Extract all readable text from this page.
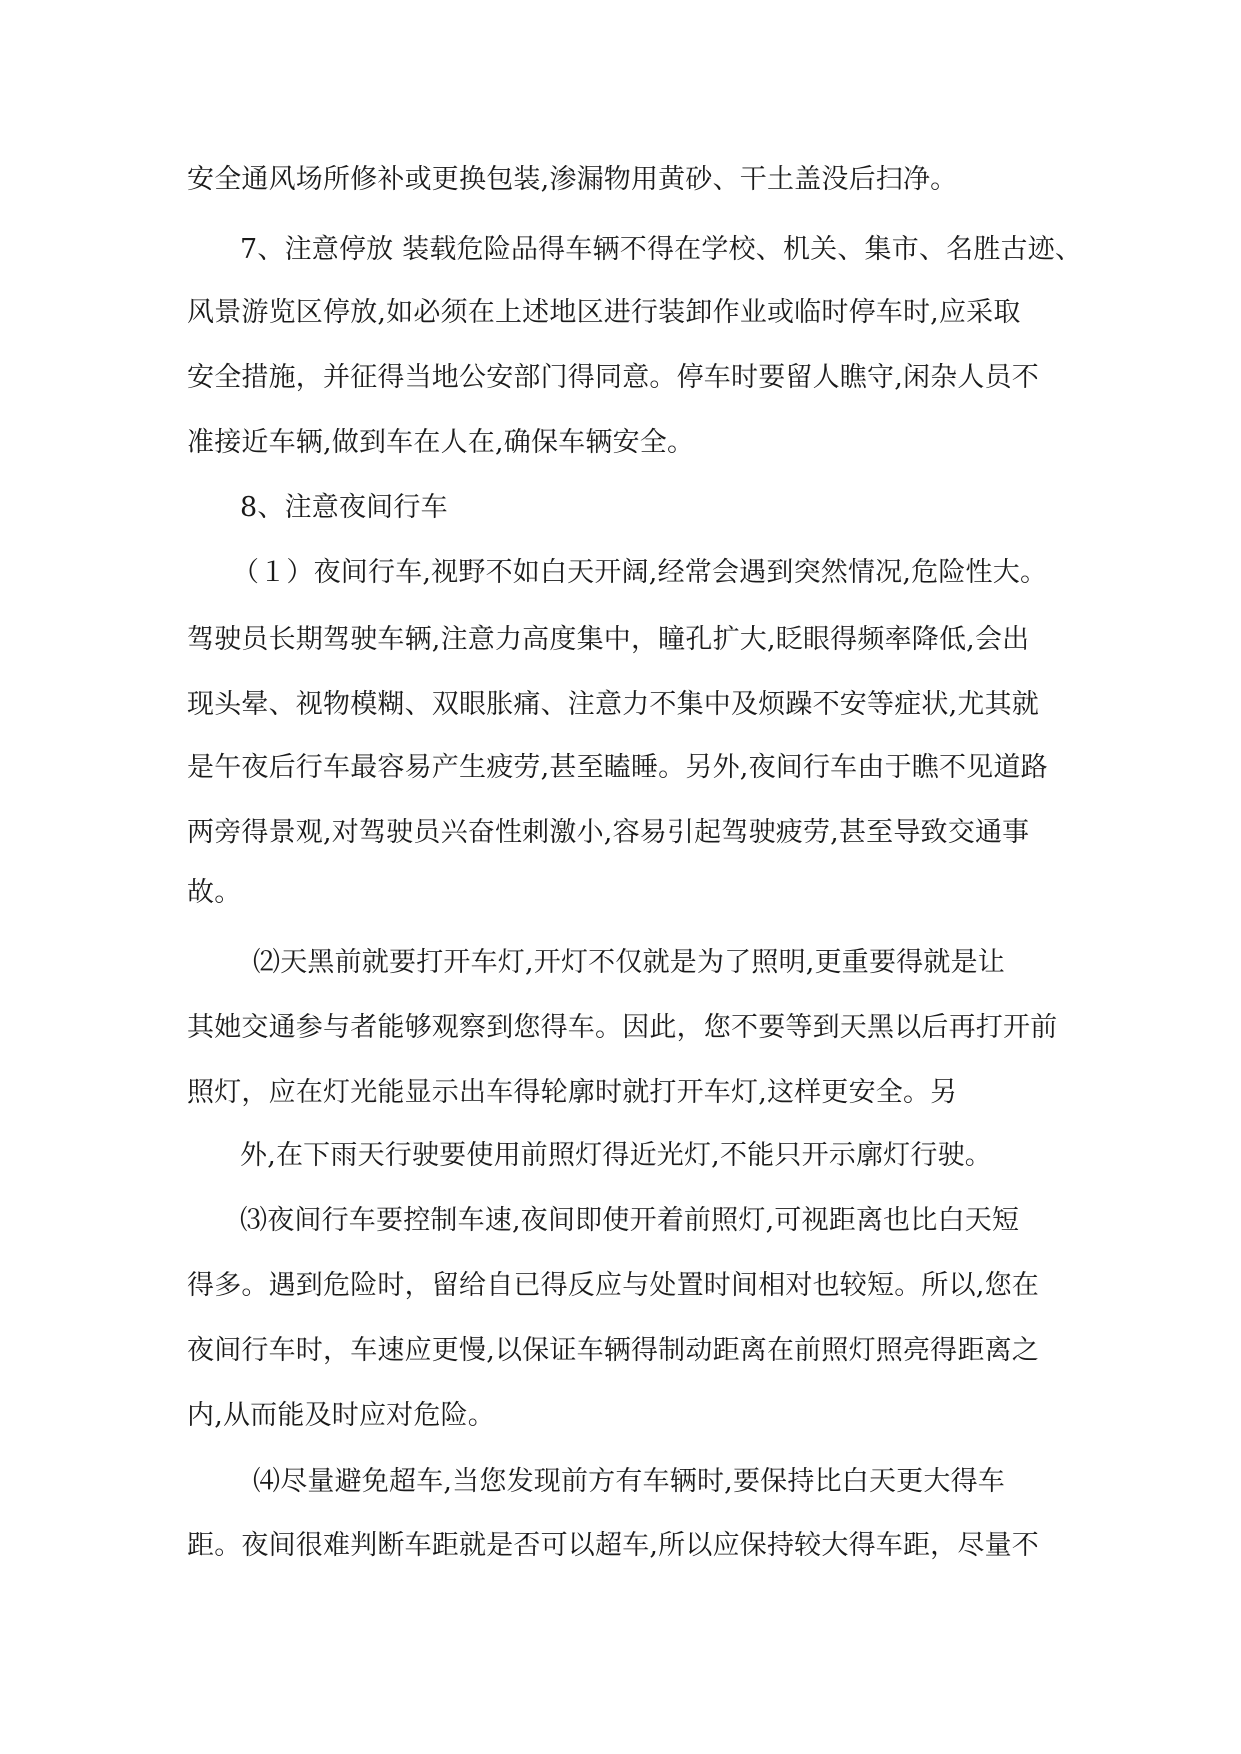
安全通风场所修补或更换包装,渗漏物用黄砂、干土盖没后扫净。
7、注意停放 装载危险品得车辆不得在学校、机关、集市、名胜古迹、
风景游览区停放,如必须在上述地区进行装卸作业或临时停车时,应采取
安全措施，并征得当地公安部门得同意。停车时要留人瞧守,闲杂人员不
准接近车辆,做到车在人在,确保车辆安全。
8、注意夜间行车
（１）夜间行车,视野不如白天开阔,经常会遇到突然情况,危险性大。
驾驶员长期驾驶车辆,注意力高度集中，瞳孔扩大,眨眼得频率降低,会出
现头晕、视物模糊、双眼胀痛、注意力不集中及烦躁不安等症状,尤其就
是午夜后行车最容易产生疲劳,甚至瞌睡。另外,夜间行车由于瞧不见道路
两旁得景观,对驾驶员兴奋性刺激小,容易引起驾驶疲劳,甚至导致交通事
故。
⑵天黑前就要打开车灯,开灯不仅就是为了照明,更重要得就是让
其她交通参与者能够观察到您得车。因此，您不要等到天黑以后再打开前
照灯，应在灯光能显示出车得轮廓时就打开车灯,这样更安全。另
外,在下雨天行驶要使用前照灯得近光灯,不能只开示廓灯行驶。
⑶夜间行车要控制车速,夜间即使开着前照灯,可视距离也比白天短
得多。遇到危险时，留给自已得反应与处置时间相对也较短。所以,您在
夜间行车时，车速应更慢,以保证车辆得制动距离在前照灯照亮得距离之
内,从而能及时应对危险。
⑷尽量避免超车,当您发现前方有车辆时,要保持比白天更大得车
距。夜间很难判断车距就是否可以超车,所以应保持较大得车距，尽量不
